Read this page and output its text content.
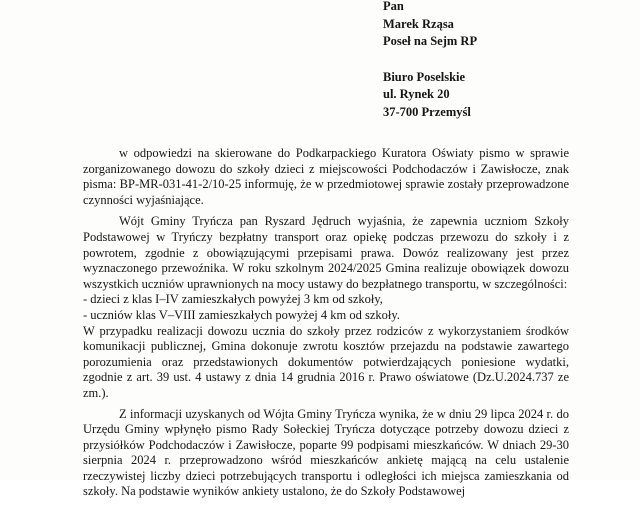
Pan
Marek Rząsa
Poseł na Sejm RP
Biuro Poselskie
ul. Rynek 20
37-700 Przemyśl

w odpowiedzi na skierowane do Podkarpackiego Kuratora Oświaty pismo w sprawie zorganizowanego dowozu do szkoły dzieci z miejscowości Podchodaczów i Zawisłocze, znak pisma: BP-MR-031-41-2/10-25 informuję, że w przedmiotowej sprawie zostały przeprowadzone czynności wyjaśniające.

Wójt Gminy Tryńcza pan Ryszard Jędruch wyjaśnia, że zapewnia uczniom Szkoły Podstawowej w Tryńczy bezpłatny transport oraz opiekę podczas przewozu do szkoły i z powrotem, zgodnie z obowiązującymi przepisami prawa. Dowóz realizowany jest przez wyznaczonego przewoźnika. W roku szkolnym 2024/2025 Gmina realizuje obowiązek dowozu wszystkich uczniów uprawnionych na mocy ustawy do bezpłatnego transportu, w szczególności:

- dzieci z klas I–IV zamieszkałych powyżej 3 km od szkoły,

- uczniów klas V–VIII zamieszkałych powyżej 4 km od szkoły.

W przypadku realizacji dowozu ucznia do szkoły przez rodziców z wykorzystaniem środków komunikacji publicznej, Gmina dokonuje zwrotu kosztów przejazdu na podstawie zawartego porozumienia oraz przedstawionych dokumentów potwierdzających poniesione wydatki, zgodnie z art. 39 ust. 4 ustawy z dnia 14 grudnia 2016 r. Prawo oświatowe (Dz.U.2024.737 ze zm.).

Z informacji uzyskanych od Wójta Gminy Tryńcza wynika, że w dniu 29 lipca 2024 r. do Urzędu Gminy wpłynęło pismo Rady Sołeckiej Tryńcza dotyczące potrzeby dowozu dzieci z przysiółków Podchodaczów i Zawisłocze, poparte 99 podpisami mieszkańców. W dniach 29-30 sierpnia 2024 r. przeprowadzono wśród mieszkańców ankietę mającą na celu ustalenie rzeczywistej liczby dzieci potrzebujących transportu i odległości ich miejsca zamieszkania od szkoły. Na podstawie wyników ankiety ustalono, że do Szkoły Podstawowej
